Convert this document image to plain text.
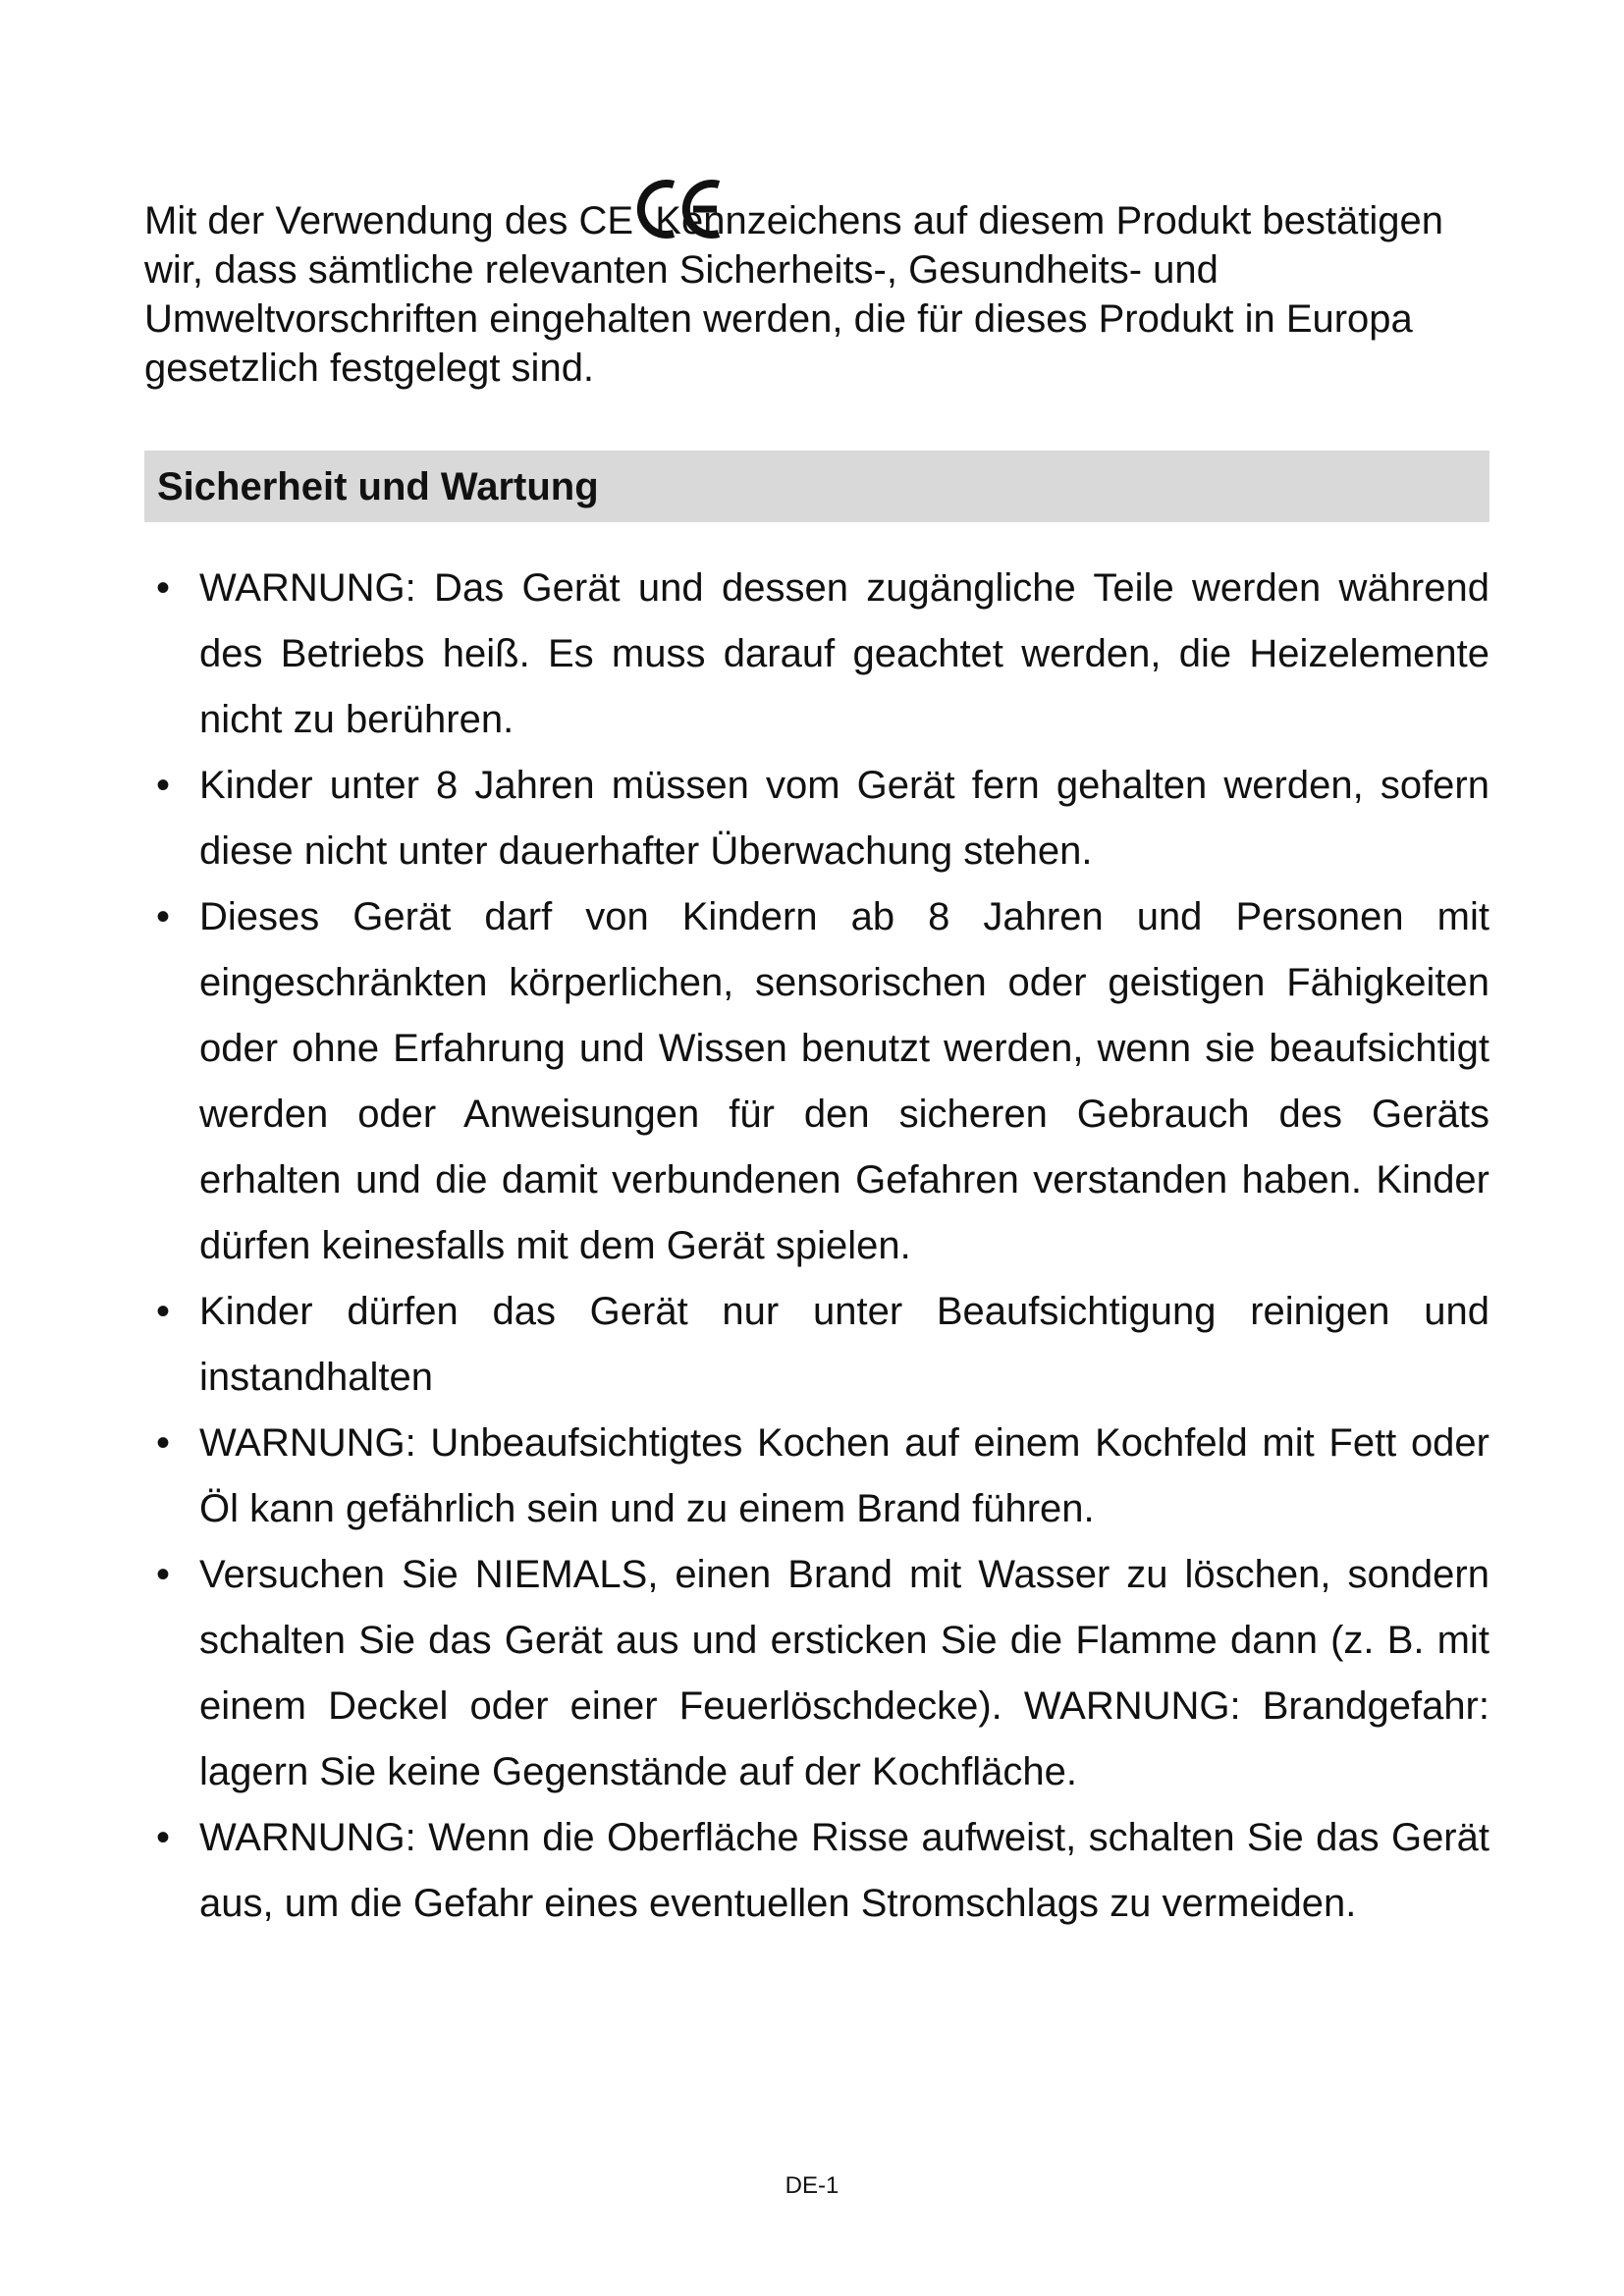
Mit der Verwendung des CE
Kennzeichens auf diesem Produkt bestätigen wir, dass sämtliche relevanten Sicherheits-, Gesundheits- und Umweltvorschriften eingehalten werden, die für dieses Produkt in Europa gesetzlich festgelegt sind.

Sicherheit und Wartung
• WARNUNG: Das Gerät und dessen zugängliche Teile werden während des Betriebs heiß. Es muss darauf geachtet werden, die Heizelemente nicht zu berühren.
• Kinder unter 8 Jahren müssen vom Gerät fern gehalten werden, sofern diese nicht unter dauerhafter Überwachung stehen.
• Dieses Gerät darf von Kindern ab 8 Jahren und Personen mit eingeschränkten körperlichen, sensorischen oder geistigen Fähigkeiten oder ohne Erfahrung und Wissen benutzt werden, wenn sie beaufsichtigt werden oder Anweisungen für den sicheren Gebrauch des Geräts erhalten und die damit verbundenen Gefahren verstanden haben. Kinder dürfen keinesfalls mit dem Gerät spielen.
• Kinder dürfen das Gerät nur unter Beaufsichtigung reinigen und instandhalten
• WARNUNG: Unbeaufsichtigtes Kochen auf einem Kochfeld mit Fett oder Öl kann gefährlich sein und zu einem Brand führen.
• Versuchen Sie NIEMALS, einen Brand mit Wasser zu löschen, sondern schalten Sie das Gerät aus und ersticken Sie die Flamme dann (z. B. mit einem Deckel oder einer Feuerlöschdecke). WARNUNG: Brandgefahr: lagern Sie keine Gegenstände auf der Kochfläche.
• WARNUNG: Wenn die Oberfläche Risse aufweist, schalten Sie das Gerät aus, um die Gefahr eines eventuellen Stromschlags zu vermeiden.
DE-1
